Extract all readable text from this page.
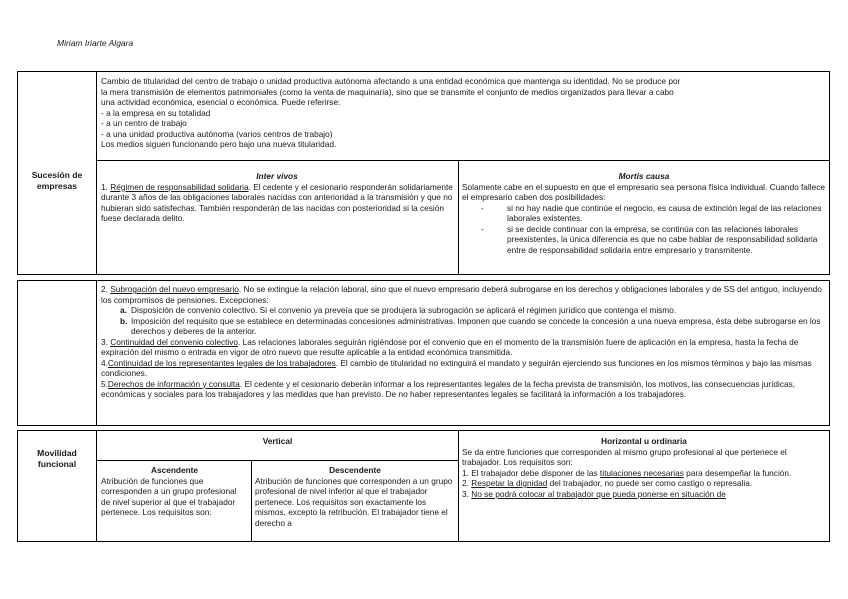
Miriam Iriarte Algara
Sucesión de empresas

Cambio de titularidad del centro de trabajo o unidad productiva autónoma afectando a una entidad económica que mantenga su identidad. No se produce por

la mera transmisión de elementos patrimoniales (como la venta de maquinaria), sino que se transmite el conjunto de medios organizados para llevar a cabo

una actividad económica, esencial o económica. Puede referirse:

- a la empresa en su totalidad

- a un centro de trabajo

- a una unidad productiva autónoma (varios centros de trabajo)

Los medios siguen funcionando pero bajo una nueva titularidad.

Inter vivos

1. Régimen de responsabilidad solidaria. El cedente y el cesionario responderán solidariamente durante 3 años de las obligaciones laborales nacidas con anterioridad a la transmisión y que no hubieran sido satisfechas. También responderán de las nacidas con posterioridad si la cesión fuese declarada delito.

Mortis causa

Solamente cabe en el supuesto en que el empresario sea persona física individual. Cuando fallece el empresario caben dos posibilidades:

- si no hay nadie que continúe el negocio, es causa de extinción legal de las relaciones laborales existentes.

- si se decide continuar con la empresa, se continúa con las relaciones laborales preexistentes, la única diferencia es que no cabe hablar de responsabilidad solidaria entre de responsabilidad solidaria entre empresario y transmitente.

2. Subrogación del nuevo empresario. No se extingue la relación laboral, sino que el nuevo empresario deberá subrogarse en los derechos y obligaciones laborales y de SS del antiguo, incluyendo los compromisos de pensiones. Excepciones:

a. Disposición de convenio colectivo. Si el convenio ya preveía que se produjera la subrogación se aplicará el régimen jurídico que contenga el mismo.

b. Imposición del requisito que se establece en determinadas concesiones administrativas. Imponen que cuando se concede la concesión a una nueva empresa, ésta debe subrogarse en los derechos y deberes de la anterior.

3. Continuidad del convenio colectivo. Las relaciones laborales seguirán rigiéndose por el convenio que en el momento de la transmisión fuere de aplicación en la empresa, hasta la fecha de expiración del mismo o entrada en vigor de otro nuevo que resulte aplicable a la entidad económica transmitida.

4.Continuidad de los representantes legales de los trabajadores. El cambio de titularidad no extinguirá el mandato y seguirán ejerciendo sus funciones en los mismos términos y bajo las mismas condiciones.

5.Derechos de información y consulta. El cedente y el cesionario deberán informar a los representantes legales de la fecha prevista de transmisión, los motivos, las consecuencias jurídicas, económicas y sociales para los trabajadores y las medidas que han previsto. De no haber representantes legales se facilitará la información a los trabajadores.

Movilidad funcional
Vertical

Ascendente

Atribución de funciones que corresponden a un grupo profesional de nivel superior al que el trabajador pertenece. Los requisitos son:

Descendente

Atribución de funciones que corresponden a un grupo profesional de nivel inferior al que el trabajador pertenece. Los requisitos son exactamente los mismos, excepto la retribución. El trabajador tiene el derecho a

Horizontal u ordinaria

Se da entre funciones que corresponden al mismo grupo profesional al que pertenece el trabajador. Los requisitos son:

1. El trabajador debe disponer de las titulaciones necesarias para desempeñar la función.

2. Respetar la dignidad del trabajador, no puede ser como castigo o represalia.

3. No se podrá colocar al trabajador que pueda ponerse en situación de
